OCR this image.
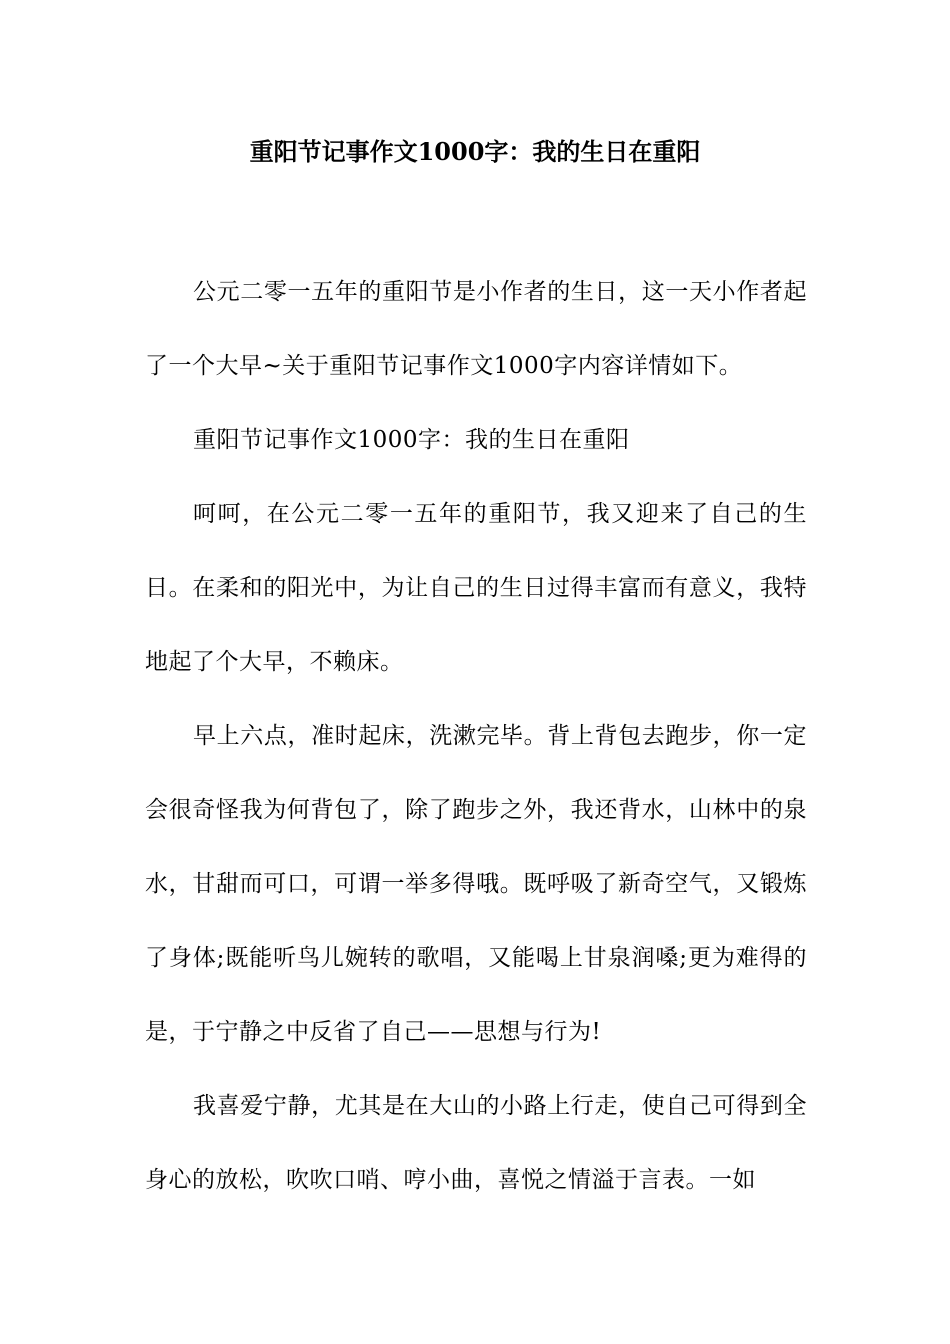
重阳节记事作文1000字：我的生日在重阳

公元二零一五年的重阳节是小作者的生日，这一天小作者起了一个大早~关于重阳节记事作文1000字内容详情如下。

重阳节记事作文1000字：我的生日在重阳

呵呵，在公元二零一五年的重阳节，我又迎来了自己的生日。在柔和的阳光中，为让自己的生日过得丰富而有意义，我特地起了个大早，不赖床。

早上六点，准时起床，洗漱完毕。背上背包去跑步，你一定会很奇怪我为何背包了，除了跑步之外，我还背水，山林中的泉水，甘甜而可口，可谓一举多得哦。既呼吸了新奇空气，又锻炼了身体;既能听鸟儿婉转的歌唱，又能喝上甘泉润嗓;更为难得的是，于宁静之中反省了自己——思想与行为!

我喜爱宁静，尤其是在大山的小路上行走，使自己可得到全身心的放松，吹吹口哨、哼小曲，喜悦之情溢于言表。一如
